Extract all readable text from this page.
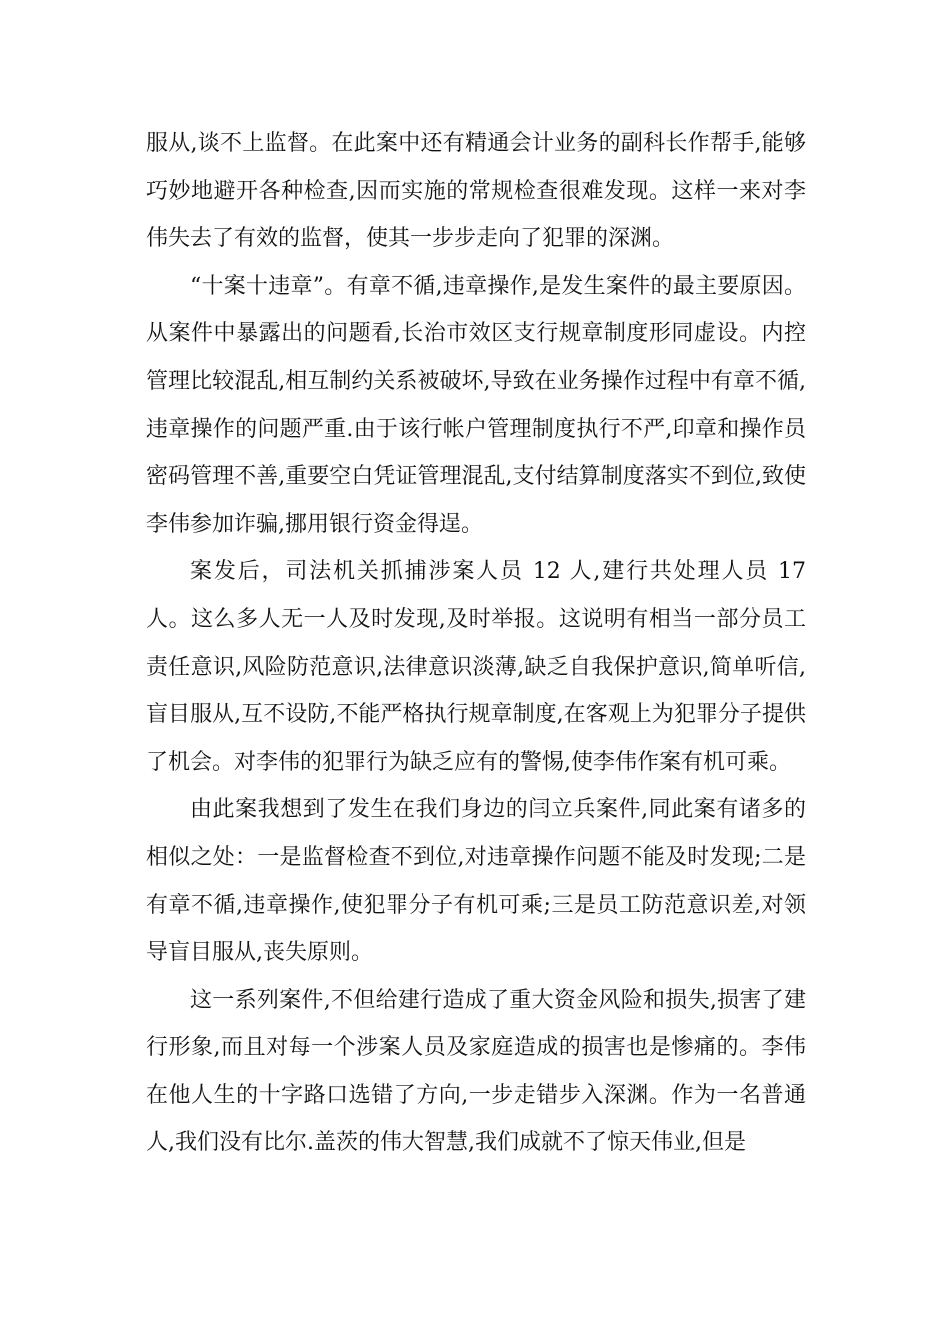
服从,谈不上监督。在此案中还有精通会计业务的副科长作帮手,能够巧妙地避开各种检查,因而实施的常规检查很难发现。这样一来对李伟失去了有效的监督，使其一步步走向了犯罪的深渊。

“十案十违章”。有章不循,违章操作,是发生案件的最主要原因。从案件中暴露出的问题看,长治市效区支行规章制度形同虚设。内控管理比较混乱,相互制约关系被破坏,导致在业务操作过程中有章不循,违章操作的问题严重.由于该行帐户管理制度执行不严,印章和操作员密码管理不善,重要空白凭证管理混乱,支付结算制度落实不到位,致使李伟参加诈骗,挪用银行资金得逞。

案发后，司法机关抓捕涉案人员 12 人,建行共处理人员 17 人。这么多人无一人及时发现,及时举报。这说明有相当一部分员工责任意识,风险防范意识,法律意识淡薄,缺乏自我保护意识,简单听信,盲目服从,互不设防,不能严格执行规章制度,在客观上为犯罪分子提供了机会。对李伟的犯罪行为缺乏应有的警惕,使李伟作案有机可乘。

由此案我想到了发生在我们身边的闫立兵案件,同此案有诸多的相似之处：一是监督检查不到位,对违章操作问题不能及时发现;二是有章不循,违章操作,使犯罪分子有机可乘;三是员工防范意识差,对领导盲目服从,丧失原则。

这一系列案件,不但给建行造成了重大资金风险和损失,损害了建行形象,而且对每一个涉案人员及家庭造成的损害也是惨痛的。李伟在他人生的十字路口选错了方向,一步走错步入深渊。作为一名普通人,我们没有比尔.盖茨的伟大智慧,我们成就不了惊天伟业,但是
